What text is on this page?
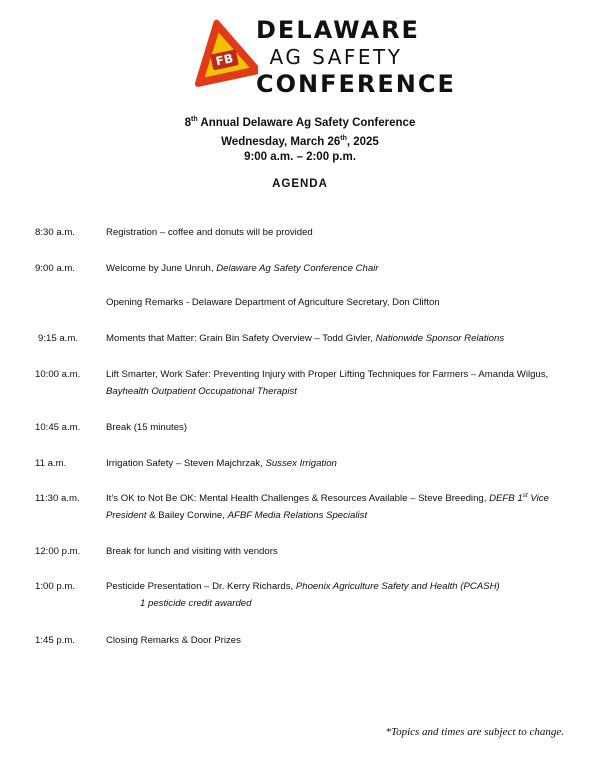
FB
DELAWARE
AG SAFETY
CONFERENCE
8th Annual Delaware Ag Safety Conference
Wednesday, March 26th, 2025
9:00 a.m. – 2:00 p.m.
AGENDA
8:30 a.m.	Registration – coffee and donuts will be provided
9:00 a.m.	Welcome by June Unruh, Delaware Ag Safety Conference Chair
Opening Remarks - Delaware Department of Agriculture Secretary, Don Clifton
9:15 a.m.	Moments that Matter: Grain Bin Safety Overview – Todd Givler, Nationwide Sponsor Relations
10:00 a.m.	Lift Smarter, Work Safer: Preventing Injury with Proper Lifting Techniques for Farmers – Amanda Wilgus, Bayhealth Outpatient Occupational Therapist
10:45 a.m.	Break (15 minutes)
11 a.m.	Irrigation Safety – Steven Majchrzak, Sussex Irrigation
11:30 a.m.	It’s OK to Not Be OK: Mental Health Challenges & Resources Available – Steve Breeding, DEFB 1st Vice President & Bailey Corwine, AFBF Media Relations Specialist
12:00 p.m.	Break for lunch and visiting with vendors
1:00 p.m.	Pesticide Presentation – Dr. Kerry Richards, Phoenix Agriculture Safety and Health (PCASH)
1 pesticide credit awarded
1:45 p.m.	Closing Remarks & Door Prizes
*Topics and times are subject to change.
